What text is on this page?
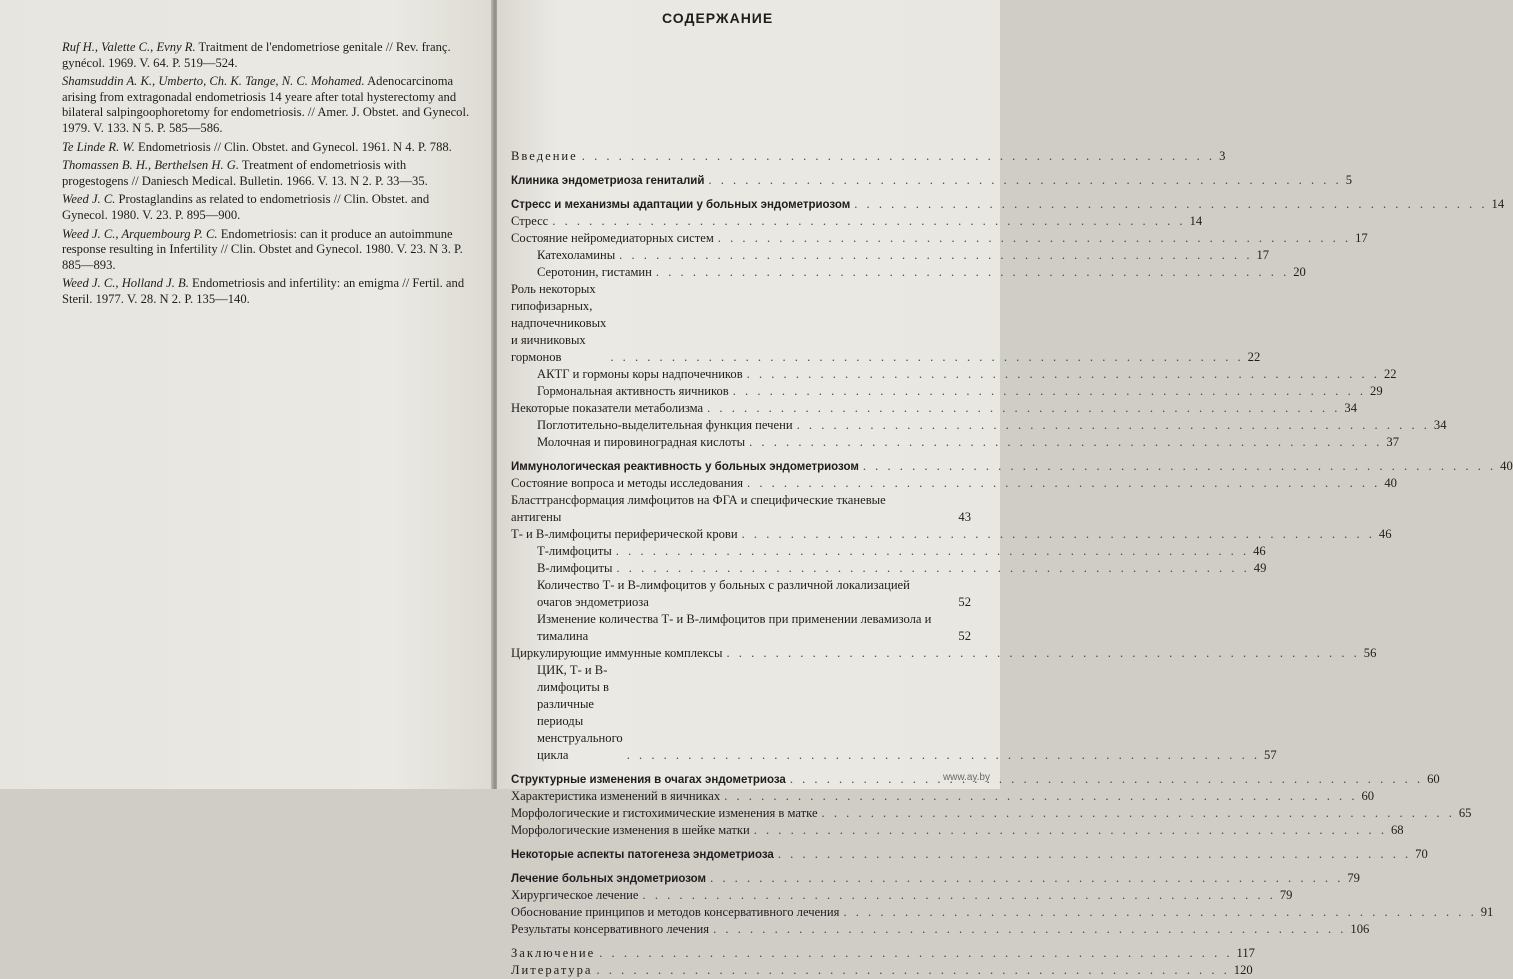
Ruf H., Valette C., Evny R. Traitment de l'endometriose genitale // Rev. franç. gynécol. 1969. V. 64. P. 519—524.

Shamsuddin A. K., Umberto, Ch. K. Tange, N. C. Mohamed. Adenocarcinoma arising from extragonadal endometriosis 14 yeare after total hysterectomy and bilateral salpingoophoretomy for endometriosis. // Amer. J. Obstet. and Gynecol. 1979. V. 133. N 5. P. 585—586.

Te Linde R. W. Endometriosis // Clin. Obstet. and Gynecol. 1961. N 4. P. 788.

Thomassen B. H., Berthelsen H. G. Treatment of endometriosis with progestogens // Daniesch Medical. Bulletin. 1966. V. 13. N 2. P. 33—35.

Weed J. C. Prostaglandins as related to endometriosis // Clin. Obstet. and Gynecol. 1980. V. 23. P. 895—900.

Weed J. C., Arquembourg P. C. Endometriosis: can it produce an autoimmune response resulting in Infertility // Clin. Obstet and Gynecol. 1980. V. 23. N 3. P. 885—893.

Weed J. C., Holland J. B. Endometriosis and infertility: an emigma // Fertil. and Steril. 1977. V. 28. N 2. P. 135—140.

СОДЕРЖАНИЕ
Введение . . .	3
Клиника эндометриоза гениталий . . .	5
Стресс и механизмы адаптации у больных эндометриозом . . .	14
Стресс . . .	14
Состояние нейромедиаторных систем . . .	17
Катехоламины . . .	17
Серотонин, гистамин . . .	20
Роль некоторых гипофизарных, надпочечниковых и яичниковых гормонов . . .	22
АКТГ и гормоны коры надпочечников . . .	22
Гормональная активность яичников . . .	29
Некоторые показатели метаболизма . . .	34
Поглотительно-выделительная функция печени . . .	34
Молочная и пировиноградная кислоты . . .	37
Иммунологическая реактивность у больных эндометриозом . . .	40
Состояние вопроса и методы исследования . . .	40
Бласттрансформация лимфоцитов на ФГА и специфические тканевые антигены	43
Т- и В-лимфоциты периферической крови . . .	46
Т-лимфоциты . . .	46
В-лимфоциты . . .	49
Количество Т- и В-лимфоцитов у больных с различной локализацией очагов эндометриоза	52
Изменение количества Т- и В-лимфоцитов при применении левамизола и тималина	52
Циркулирующие иммунные комплексы . . .	56
ЦИК, Т- и В-лимфоциты в различные периоды менструального цикла . . .	57
Структурные изменения в очагах эндометриоза . . .	60
Характеристика изменений в яичниках . . .	60
Морфологические и гистохимические изменения в матке . . .	65
Морфологические изменения в шейке матки . . .	68
Некоторые аспекты патогенеза эндометриоза . . .	70
Лечение больных эндометриозом . . .	79
Хирургическое лечение . . .	79
Обоснование принципов и методов консервативного лечения . . .	91
Результаты консервативного лечения . . .	106
Заключение . . .	117
Литература . . .	120
www.ay.by
